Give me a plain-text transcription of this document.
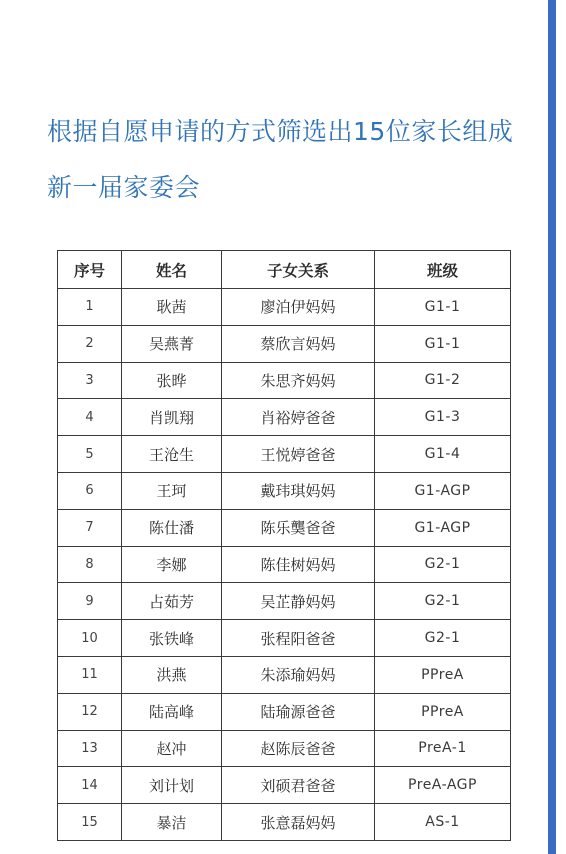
根据自愿申请的方式筛选出15位家长组成
新一届家委会
序号	姓名	子女关系	班级
1	耿茜	廖泊伊妈妈	G1-1
2	吴燕菁	蔡欣言妈妈	G1-1
3	张晔	朱思齐妈妈	G1-2
4	肖凯翔	肖裕婷爸爸	G1-3
5	王沧生	王悦婷爸爸	G1-4
6	王珂	戴玮琪妈妈	G1-AGP
7	陈仕潘	陈乐龑爸爸	G1-AGP
8	李娜	陈佳树妈妈	G2-1
9	占茹芳	吴芷静妈妈	G2-1
10	张铁峰	张程阳爸爸	G2-1
11	洪燕	朱添瑜妈妈	PPreA
12	陆高峰	陆瑜源爸爸	PPreA
13	赵冲	赵陈辰爸爸	PreA-1
14	刘计划	刘硕君爸爸	PreA-AGP
15	暴洁	张意磊妈妈	AS-1
